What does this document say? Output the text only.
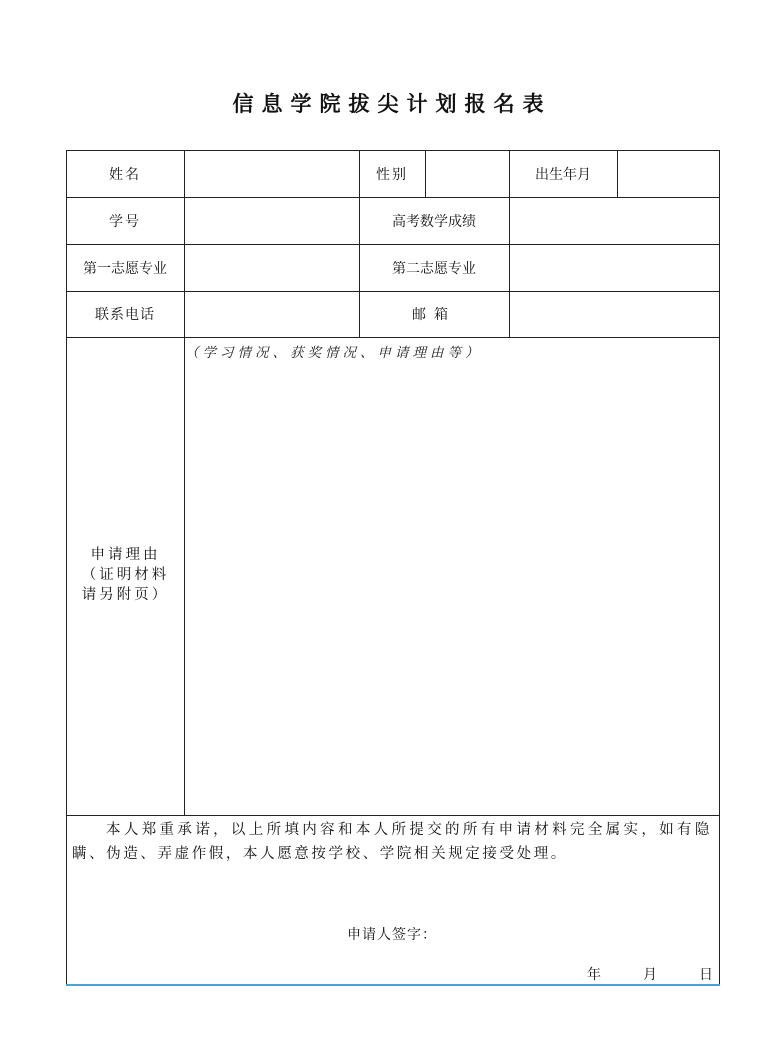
信息学院拔尖计划报名表
姓名	性别	出生年月
学号	高考数学成绩
第一志愿专业	第二志愿专业
联系电话	邮箱
申请理由
（证明材料
请另附页）
（学习情况、获奖情况、申请理由等）
本人郑重承诺，以上所填内容和本人所提交的所有申请材料完全属实，如有隐瞒、伪造、弄虚作假，本人愿意按学校、学院相关规定接受处理。
申请人签字：
年	月	日
